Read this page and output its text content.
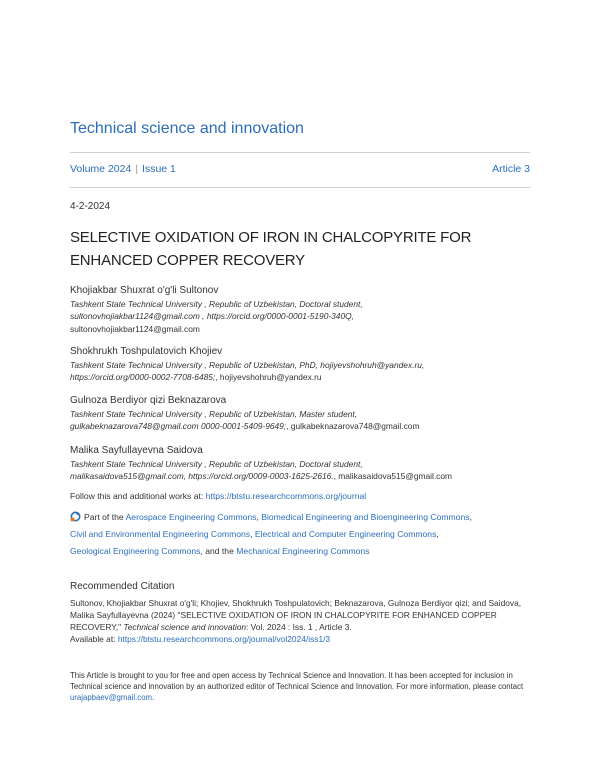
Technical science and innovation
Volume 2024 | Issue 1	Article 3
4-2-2024
SELECTIVE OXIDATION OF IRON IN CHALCOPYRITE FOR
ENHANCED COPPER RECOVERY
Khojiakbar Shuxrat o'g'li Sultonov
Tashkent State Technical University , Republic of Uzbekistan, Doctoral student,
sultonovhojiakbar1124@gmail.com , https://orcid.org/0000-0001-5190-340Q,
sultonovhojiakbar1124@gmail.com
Shokhrukh Toshpulatovich Khojiev
Tashkent State Technical University , Republic of Uzbekistan, PhD, hojiyevshohruh@yandex.ru,
https://orcid.org/0000-0002-7708-6485;, hojiyevshohruh@yandex.ru
Gulnoza Berdiyor qizi Beknazarova
Tashkent State Technical University , Republic of Uzbekistan, Master student,
gulkabeknazarova748@gmail.com 0000-0001-5409-9649;, gulkabeknazarova748@gmail.com
Malika Sayfullayevna Saidova
Tashkent State Technical University , Republic of Uzbekistan, Doctoral student,
malikasaidova515@gmail.com, https://orcid.org/0009-0003-1625-2616., malikasaidova515@gmail.com
Follow this and additional works at: https://btstu.researchcommons.org/journal
Part of the Aerospace Engineering Commons, Biomedical Engineering and Bioengineering Commons,
Civil and Environmental Engineering Commons, Electrical and Computer Engineering Commons,
Geological Engineering Commons, and the Mechanical Engineering Commons
Recommended Citation
Sultonov, Khojiakbar Shuxrat o'g'li; Khojiev, Shokhrukh Toshpulatovich; Beknazarova, Gulnoza Berdiyor qizi; and Saidova, Malika Sayfullayevna (2024) "SELECTIVE OXIDATION OF IRON IN CHALCOPYRITE FOR ENHANCED COPPER RECOVERY," Technical science and innovation: Vol. 2024 : Iss. 1 , Article 3.
Available at: https://btstu.researchcommons.org/journal/vol2024/iss1/3
This Article is brought to you for free and open access by Technical Science and Innovation. It has been accepted for inclusion in Technical science and innovation by an authorized editor of Technical Science and Innovation. For more information, please contact urajapbaev@gmail.com.
